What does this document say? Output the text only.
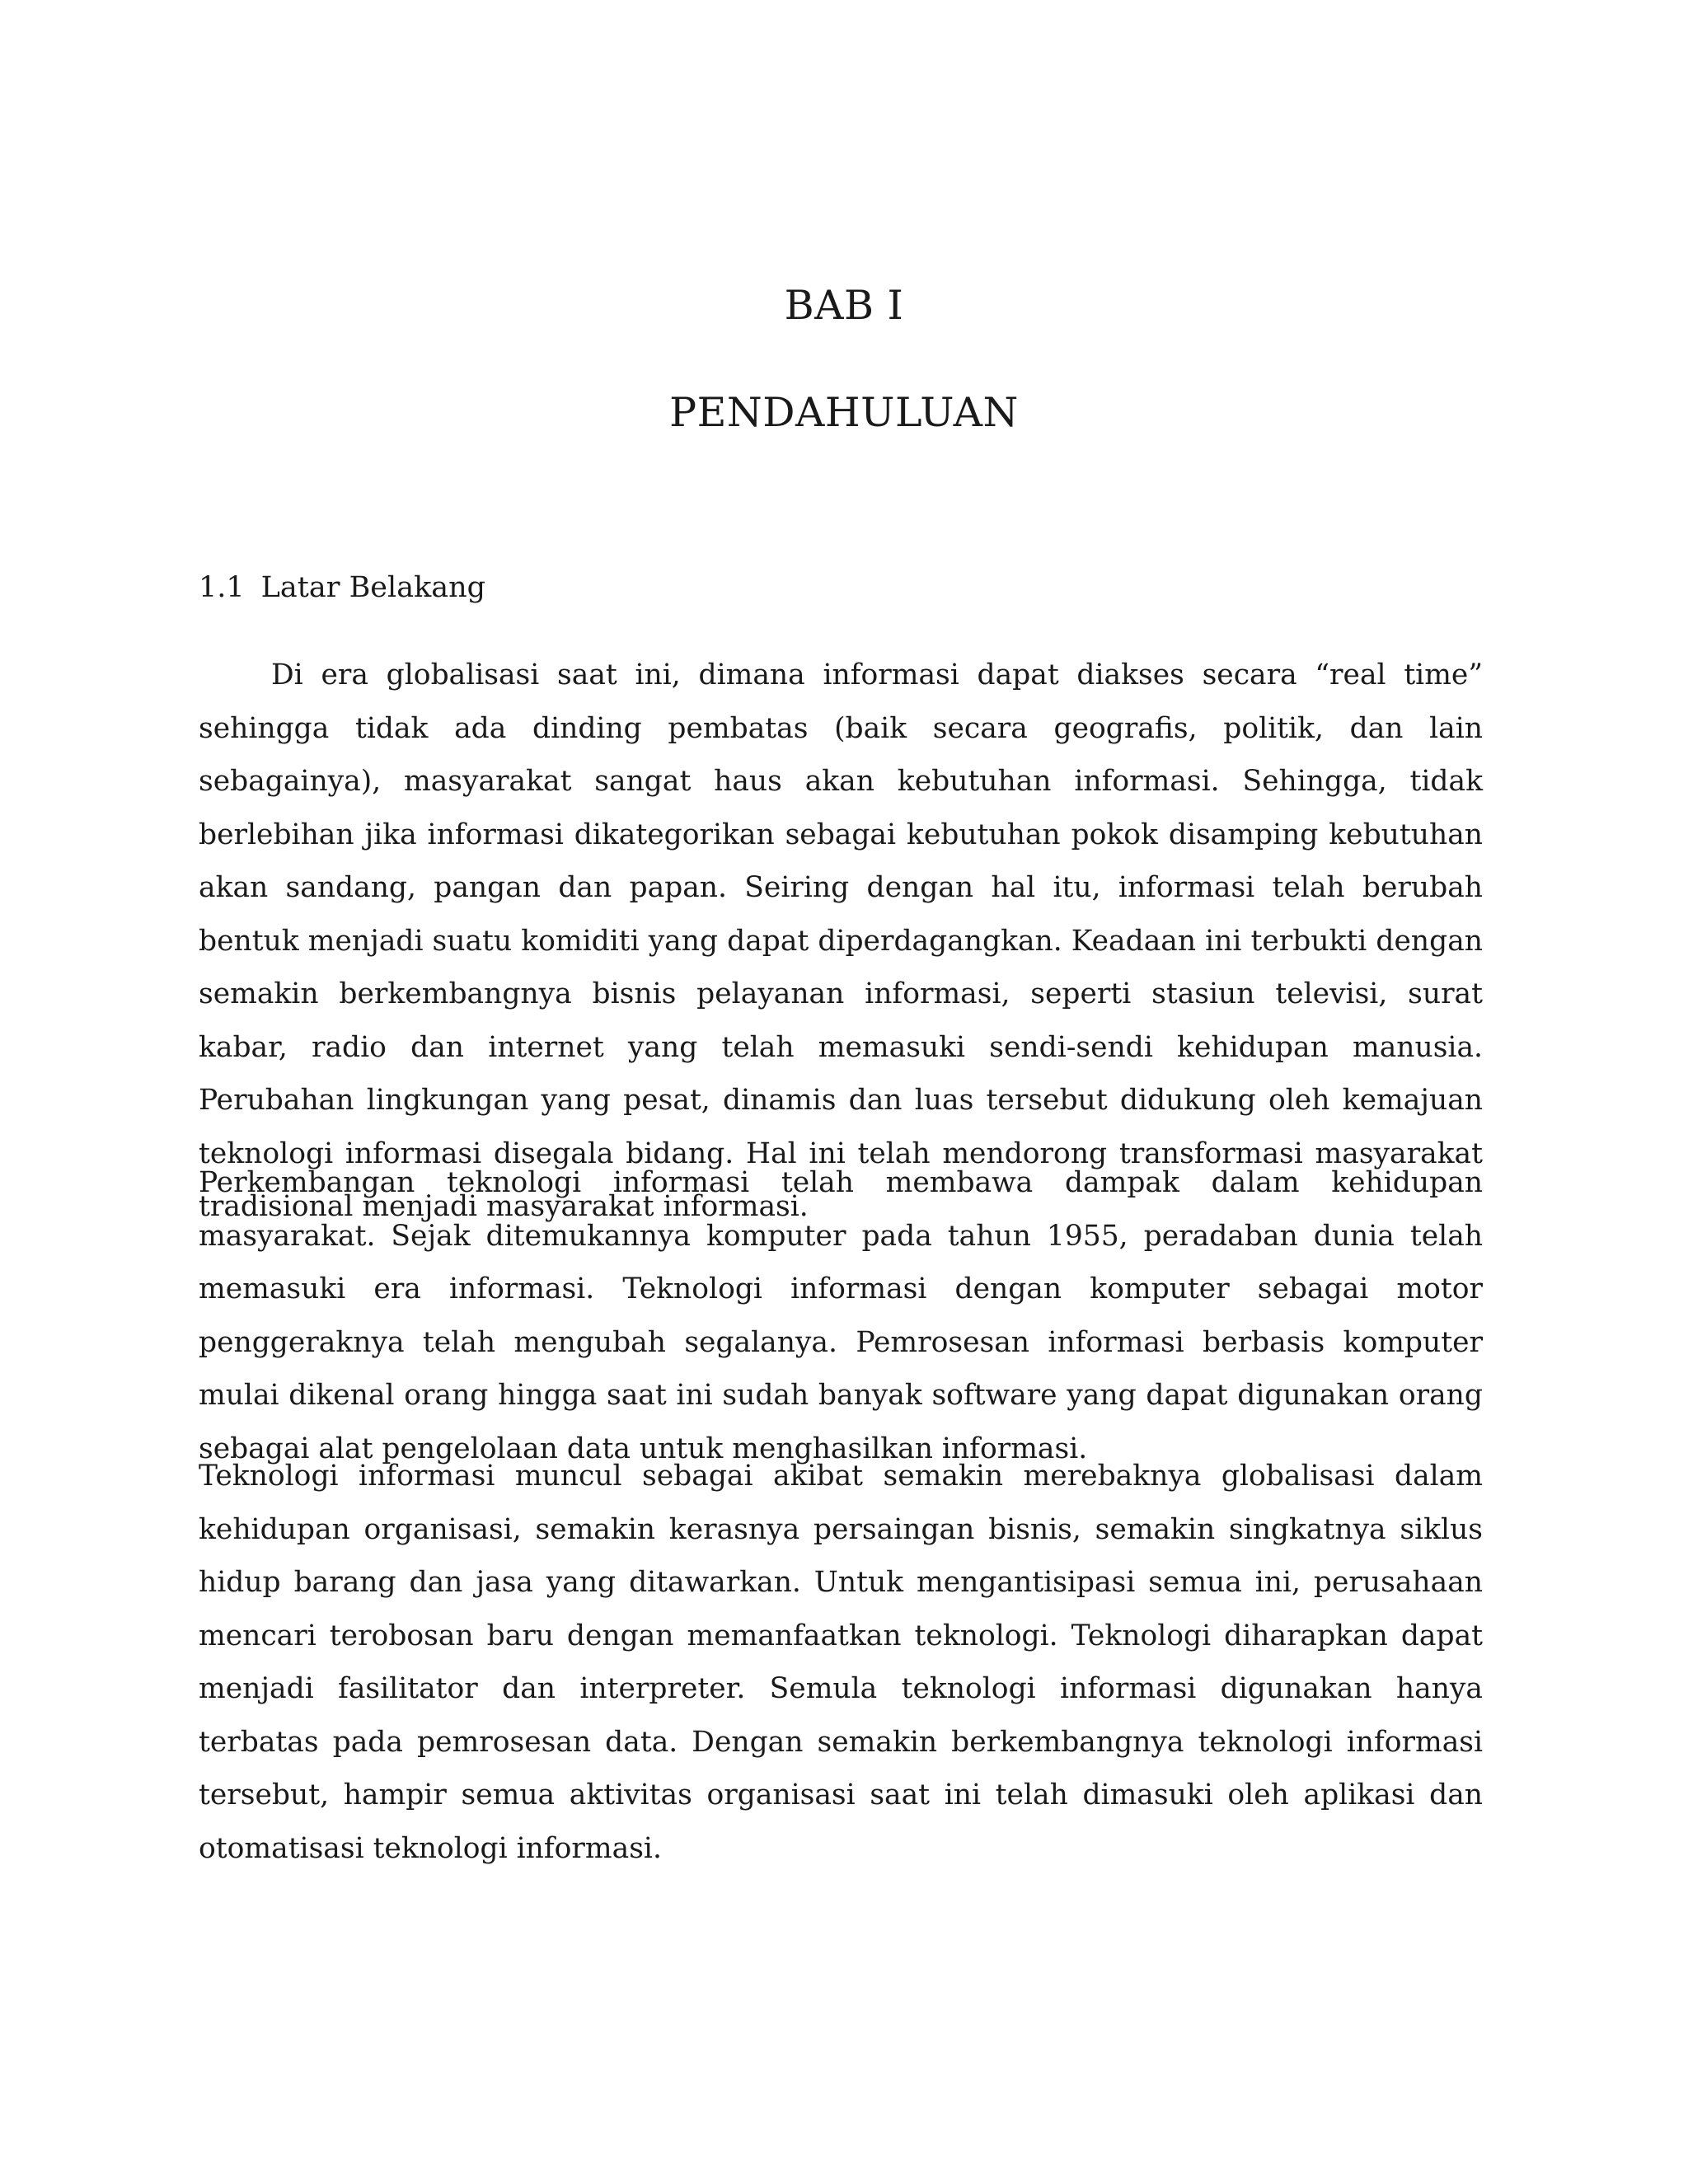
BAB I
PENDAHULUAN
1.1 Latar Belakang

Di era globalisasi saat ini, dimana informasi dapat diakses secara “real time” sehingga tidak ada dinding pembatas (baik secara geografis, politik, dan lain sebagainya), masyarakat sangat haus akan kebutuhan informasi. Sehingga, tidak berlebihan jika informasi dikategorikan sebagai kebutuhan pokok disamping kebutuhan akan sandang, pangan dan papan. Seiring dengan hal itu, informasi telah berubah bentuk menjadi suatu komiditi yang dapat diperdagangkan. Keadaan ini terbukti dengan semakin berkembangnya bisnis pelayanan informasi, seperti stasiun televisi, surat kabar, radio dan internet yang telah memasuki sendi-sendi kehidupan manusia. Perubahan lingkungan yang pesat, dinamis dan luas tersebut didukung oleh kemajuan teknologi informasi disegala bidang. Hal ini telah mendorong transformasi masyarakat tradisional menjadi masyarakat informasi.

Perkembangan teknologi informasi telah membawa dampak dalam kehidupan masyarakat. Sejak ditemukannya komputer pada tahun 1955, peradaban dunia telah memasuki era informasi. Teknologi informasi dengan komputer sebagai motor penggeraknya telah mengubah segalanya. Pemrosesan informasi berbasis komputer mulai dikenal orang hingga saat ini sudah banyak software yang dapat digunakan orang sebagai alat pengelolaan data untuk menghasilkan informasi.

Teknologi informasi muncul sebagai akibat semakin merebaknya globalisasi dalam kehidupan organisasi, semakin kerasnya persaingan bisnis, semakin singkatnya siklus hidup barang dan jasa yang ditawarkan. Untuk mengantisipasi semua ini, perusahaan mencari terobosan baru dengan memanfaatkan teknologi. Teknologi diharapkan dapat menjadi fasilitator dan interpreter. Semula teknologi informasi digunakan hanya terbatas pada pemrosesan data. Dengan semakin berkembangnya teknologi informasi tersebut, hampir semua aktivitas organisasi saat ini telah dimasuki oleh aplikasi dan otomatisasi teknologi informasi.
